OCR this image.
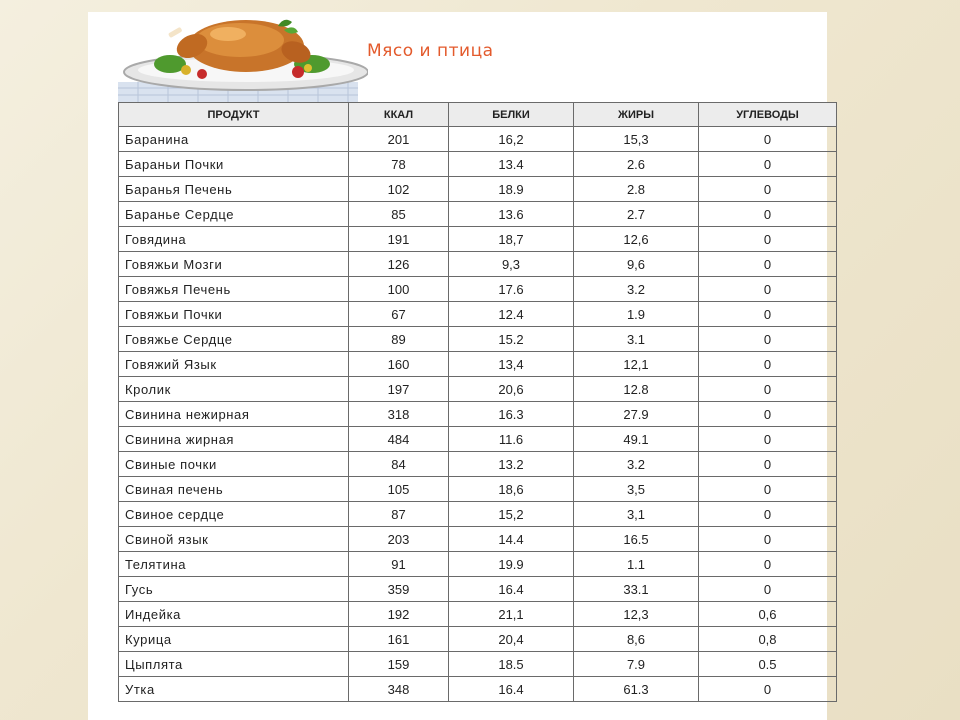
Мясо и птица
ПРОДУКТ	ККАЛ	БЕЛКИ	ЖИРЫ	УГЛЕВОДЫ
Баранина	201	16,2	15,3	0
Бараньи Почки	78	13.4	2.6	0
Баранья Печень	102	18.9	2.8	0
Баранье Сердце	85	13.6	2.7	0
Говядина	191	18,7	12,6	0
Говяжьи Мозги	126	9,3	9,6	0
Говяжья Печень	100	17.6	3.2	0
Говяжьи Почки	67	12.4	1.9	0
Говяжье Сердце	89	15.2	3.1	0
Говяжий Язык	160	13,4	12,1	0
Кролик	197	20,6	12.8	0
Свинина нежирная	318	16.3	27.9	0
Свинина жирная	484	11.6	49.1	0
Свиные почки	84	13.2	3.2	0
Свиная печень	105	18,6	3,5	0
Свиное сердце	87	15,2	3,1	0
Свиной язык	203	14.4	16.5	0
Телятина	91	19.9	1.1	0
Гусь	359	16.4	33.1	0
Индейка	192	21,1	12,3	0,6
Курица	161	20,4	8,6	0,8
Цыплята	159	18.5	7.9	0.5
Утка	348	16.4	61.3	0
